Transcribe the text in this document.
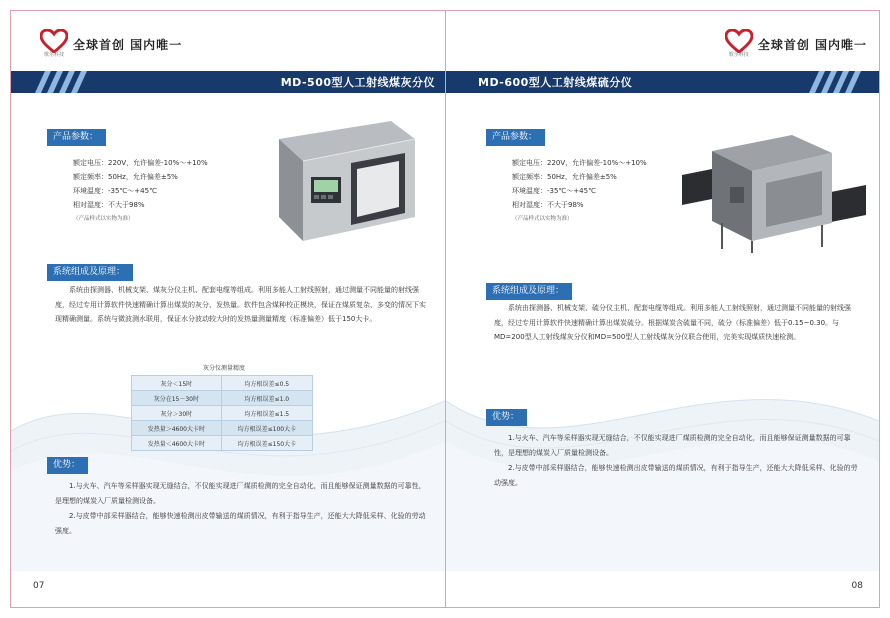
歌尔科技
全球首创 国内唯一
MD-500型人工射线煤灰分仪
产品参数：
额定电压：220V，允许偏差-10%～+10%
额定频率：50Hz，允许偏差±5%
环境温度：-35℃～+45℃
相对湿度：不大于98%
（产品样式以实物为准）
系统组成及原理：

系统由探测器、机械支架、煤灰分仪主机、配套电缆等组成。利用多能人工射线照射，通过测量不同能量的射线强度，经过专用计算软件快速精确计算出煤炭的灰分、发热量。软件包含煤种校正模块，保证在煤质复杂、多变的情况下实现精确测量。系统与微波测水联用，保证水分波动较大时的发热量测量精度（标准偏差）低于150大卡。

灰分仪测量精度
灰分＜15时	均方根误差≤0.5
灰分在15－30时	均方根误差≤1.0
灰分＞30时	均方根误差≤1.5
发热量＞4600大卡时	均方根误差≤100大卡
发热量＜4600大卡时	均方根误差≤150大卡
优势：

1.与火车、汽车等采样器实现无缝结合，不仅能实现进厂煤质检测的完全自动化，而且能够保证测量数据的可靠性，是理想的煤炭入厂质量检测设备。

2.与皮带中部采样器结合，能够快速检测出皮带输送的煤质情况，有利于指导生产，还能大大降低采样、化验的劳动强度。

07
歌尔科技
全球首创 国内唯一
MD-600型人工射线煤硫分仪
产品参数：
额定电压：220V，允许偏差-10%～+10%
额定频率：50Hz，允许偏差±5%
环境温度：-35℃～+45℃
相对湿度：不大于98%
（产品样式以实物为准）
系统组成及原理：

系统由探测器、机械支架、硫分仪主机、配套电缆等组成。利用多能人工射线照射，通过测量不同能量的射线强度，经过专用计算软件快速精确计算出煤炭硫分。根据煤炭含硫量不同，硫分（标准偏差）低于0.15~0.30。与MD=200型人工射线煤灰分仪和MD=500型人工射线煤灰分仪联合使用，完美实现煤质快速检测。

优势：

1.与火车、汽车等采样器实现无缝结合，不仅能实现进厂煤质检测的完全自动化，而且能够保证测量数据的可靠性，是理想的煤炭入厂质量检测设备。

2.与皮带中部采样器结合，能够快速检测出皮带输送的煤质情况，有利于指导生产，还能大大降低采样、化验的劳动强度。

08
